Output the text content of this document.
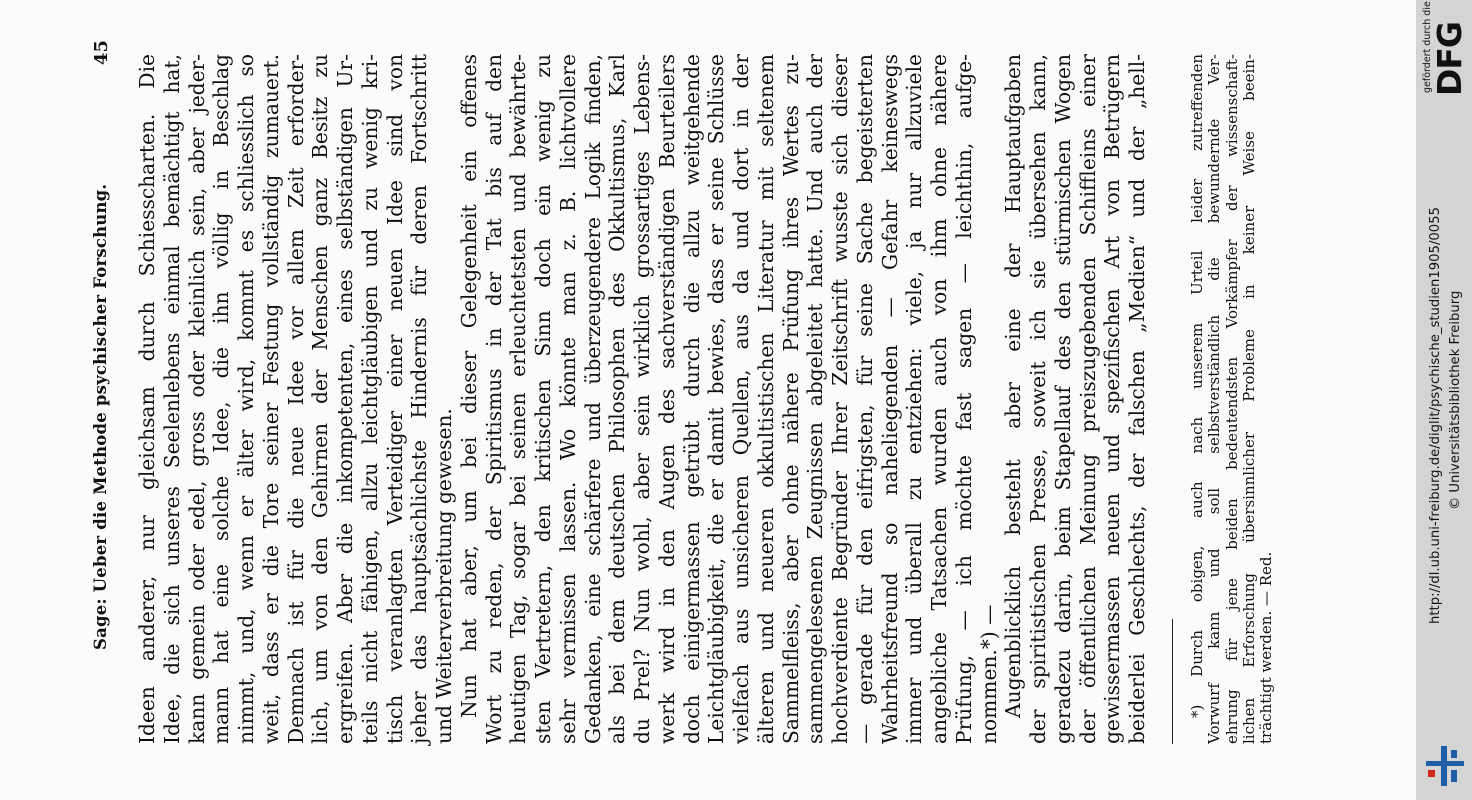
Sage: Ueber die Methode psychischer Forschung.
45
Ideen anderer, nur gleichsam durch Schiesscharten. Die Idee, die sich unseres Seelenlebens einmal bemächtigt hat, kann gemein oder edel, gross oder kleinlich sein, aber jeder- mann hat eine solche Idee, die ihn völlig in Beschlag nimmt, und, wenn er älter wird, kommt es schliesslich so weit, dass er die Tore seiner Festung vollständig zumauert. Demnach ist für die neue Idee vor allem Zeit erforder- lich, um von den Gehirnen der Menschen ganz Besitz zu ergreifen. Aber die inkompetenten, eines selbständigen Ur- teils nicht fähigen, allzu leichtgläubigen und zu wenig kri- tisch veranlagten Verteidiger einer neuen Idee sind von jeher das hauptsächlichste Hindernis für deren Fortschritt und Weiterverbreitung gewesen. Nun hat aber, um bei dieser Gelegenheit ein offenes Wort zu reden, der Spiritismus in der Tat bis auf den heutigen Tag, sogar bei seinen erleuchtetsten und bewährte- sten Vertretern, den kritischen Sinn doch ein wenig zu sehr vermissen lassen. Wo könnte man z. B. lichtvollere Gedanken, eine schärfere und überzeugendere Logik finden, als bei dem deutschen Philosophen des Okkultismus, Karl du Prel? Nun wohl, aber sein wirklich grossartiges Lebens- werk wird in den Augen des sachverständigen Beurteilers doch einigermassen getrübt durch die allzu weitgehende Leichtgläubigkeit, die er damit bewies, dass er seine Schlüsse vielfach aus unsicheren Quellen, aus da und dort in der älteren und neueren okkultistischen Literatur mit seltenem Sammelfleiss, aber ohne nähere Prüfung ihres Wertes zu- sammengelesenen Zeugnissen abgeleitet hatte. Und auch der hochverdiente Begründer Ihrer Zeitschrift wusste sich dieser — gerade für den eifrigsten, für seine Sache begeisterten Wahrheitsfreund so naheliegenden — Gefahr keineswegs immer und überall zu entziehen: viele, ja nur allzuviele angebliche Tatsachen wurden auch von ihm ohne nähere Prüfung, — ich möchte fast sagen — leichthin, aufge- nommen.*) — Augenblicklich besteht aber eine der Hauptaufgaben der spiritistischen Presse, soweit ich sie übersehen kann, geradezu darin, beim Stapellauf des den stürmischen Wogen der öffentlichen Meinung preiszugebenden Schiffleins einer gewissermassen neuen und spezifischen Art von Betrügern beiderlei Geschlechts, der falschen „Medien“ und der „hell-	*) Durch obigen, auch nach unserem Urteil leider zutreffenden Vorwurf kann und soll selbstverständlich die bewundernde Ver- ehrung für jene beiden bedeutendsten Vorkämpfer der wissenschaft- lichen Erforschung übersinnlicher Probleme in keiner Weise beein- trächtigt werden. — Red.
gefördert durch die
DFG
http://dl.ub.uni-freiburg.de/diglit/psychische_studien1905/0055 © Universitätsbibliothek Freiburg
